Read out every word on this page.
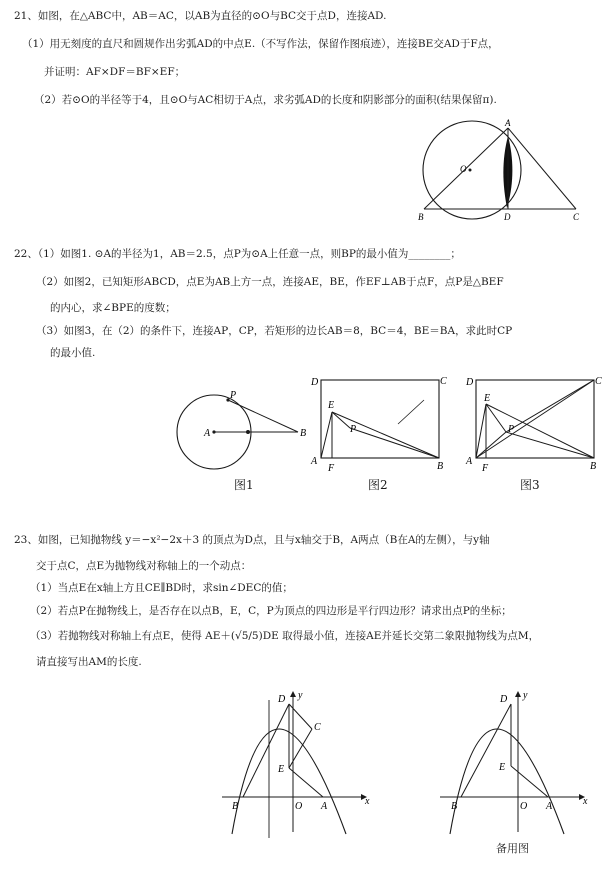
21、如图，在△ABC中，AB＝AC，以AB为直径的⊙O与BC交于点D，连接AD.
（1）用无刻度的直尺和圆规作出劣弧AD的中点E.（不写作法，保留作图痕迹），连接BE交AD于F点，
并证明：AF×DF＝BF×EF；
（2）若⊙O的半径等于4，且⊙O与AC相切于A点，求劣弧AD的长度和阴影部分的面积(结果保留π).
A
B	C
D
O
22、（1）如图1. ⊙A的半径为1，AB＝2.5，点P为⊙A上任意一点，则BP的最小值为________；
（2）如图2，已知矩形ABCD，点E为AB上方一点，连接AE，BE，作EF⊥AB于点F，点P是△BEF
的内心，求∠BPE的度数；
（3）如图3，在（2）的条件下，连接AP，CP，若矩形的边长AB＝8，BC＝4，BE＝BA，求此时CP
的最小值.
P
A	B
图1
D	C
E
P
A
F	B
图2
D	C
E
P
A
F	B
图3
23、如图，已知抛物线 y＝−x²−2x＋3 的顶点为D点，且与x轴交于B，A两点（B在A的左侧），与y轴
交于点C，点E为抛物线对称轴上的一个动点：
（1）当点E在x轴上方且CE∥BD时，求sin∠DEC的值；
（2）若点P在抛物线上，是否存在以点B，E，C，P为顶点的四边形是平行四边形？请求出点P的坐标；
（3）若抛物线对称轴上有点E，使得 AE＋(√5/5)DE 取得最小值，连接AE并延长交第二象限抛物线为点M，
请直接写出AM的长度.
D y
C
E
B	O A	x
D y
E
B	O A	x
备用图
